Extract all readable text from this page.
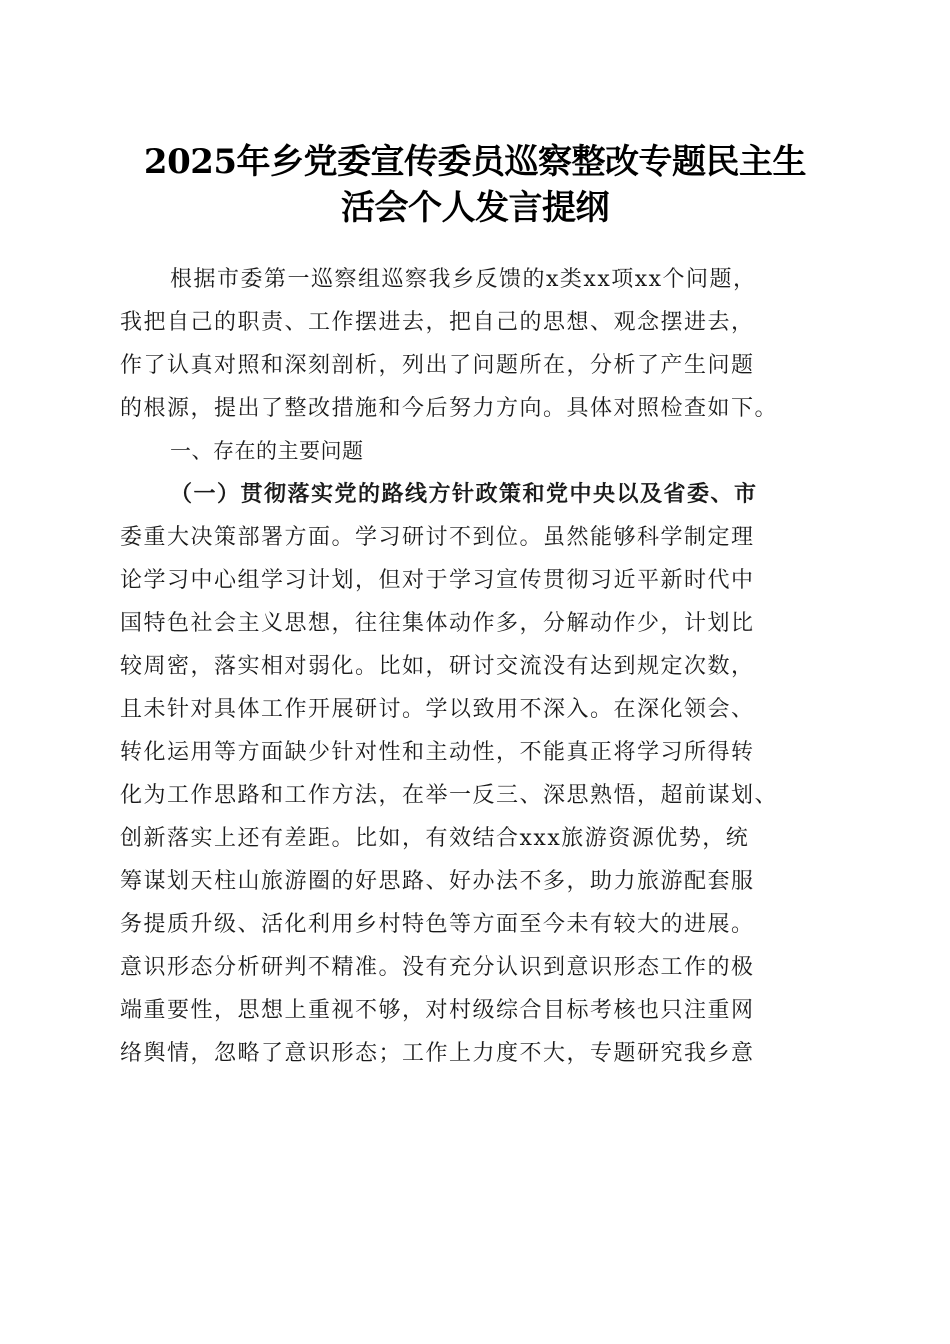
2025年乡党委宣传委员巡察整改专题民主生
活会个人发言提纲
根据市委第一巡察组巡察我乡反馈的x类xx项xx个问题，
我把自己的职责、工作摆进去，把自己的思想、观念摆进去，
作了认真对照和深刻剖析，列出了问题所在，分析了产生问题
的根源，提出了整改措施和今后努力方向。具体对照检查如下。
一、存在的主要问题
（一）贯彻落实党的路线方针政策和党中央以及省委、市
委重大决策部署方面。学习研讨不到位。虽然能够科学制定理
论学习中心组学习计划，但对于学习宣传贯彻习近平新时代中
国特色社会主义思想，往往集体动作多，分解动作少，计划比
较周密，落实相对弱化。比如，研讨交流没有达到规定次数，
且未针对具体工作开展研讨。学以致用不深入。在深化领会、
转化运用等方面缺少针对性和主动性，不能真正将学习所得转
化为工作思路和工作方法，在举一反三、深思熟悟，超前谋划、
创新落实上还有差距。比如，有效结合xxx旅游资源优势，统
筹谋划天柱山旅游圈的好思路、好办法不多，助力旅游配套服
务提质升级、活化利用乡村特色等方面至今未有较大的进展。
意识形态分析研判不精准。没有充分认识到意识形态工作的极
端重要性，思想上重视不够，对村级综合目标考核也只注重网
络舆情，忽略了意识形态；工作上力度不大，专题研究我乡意
